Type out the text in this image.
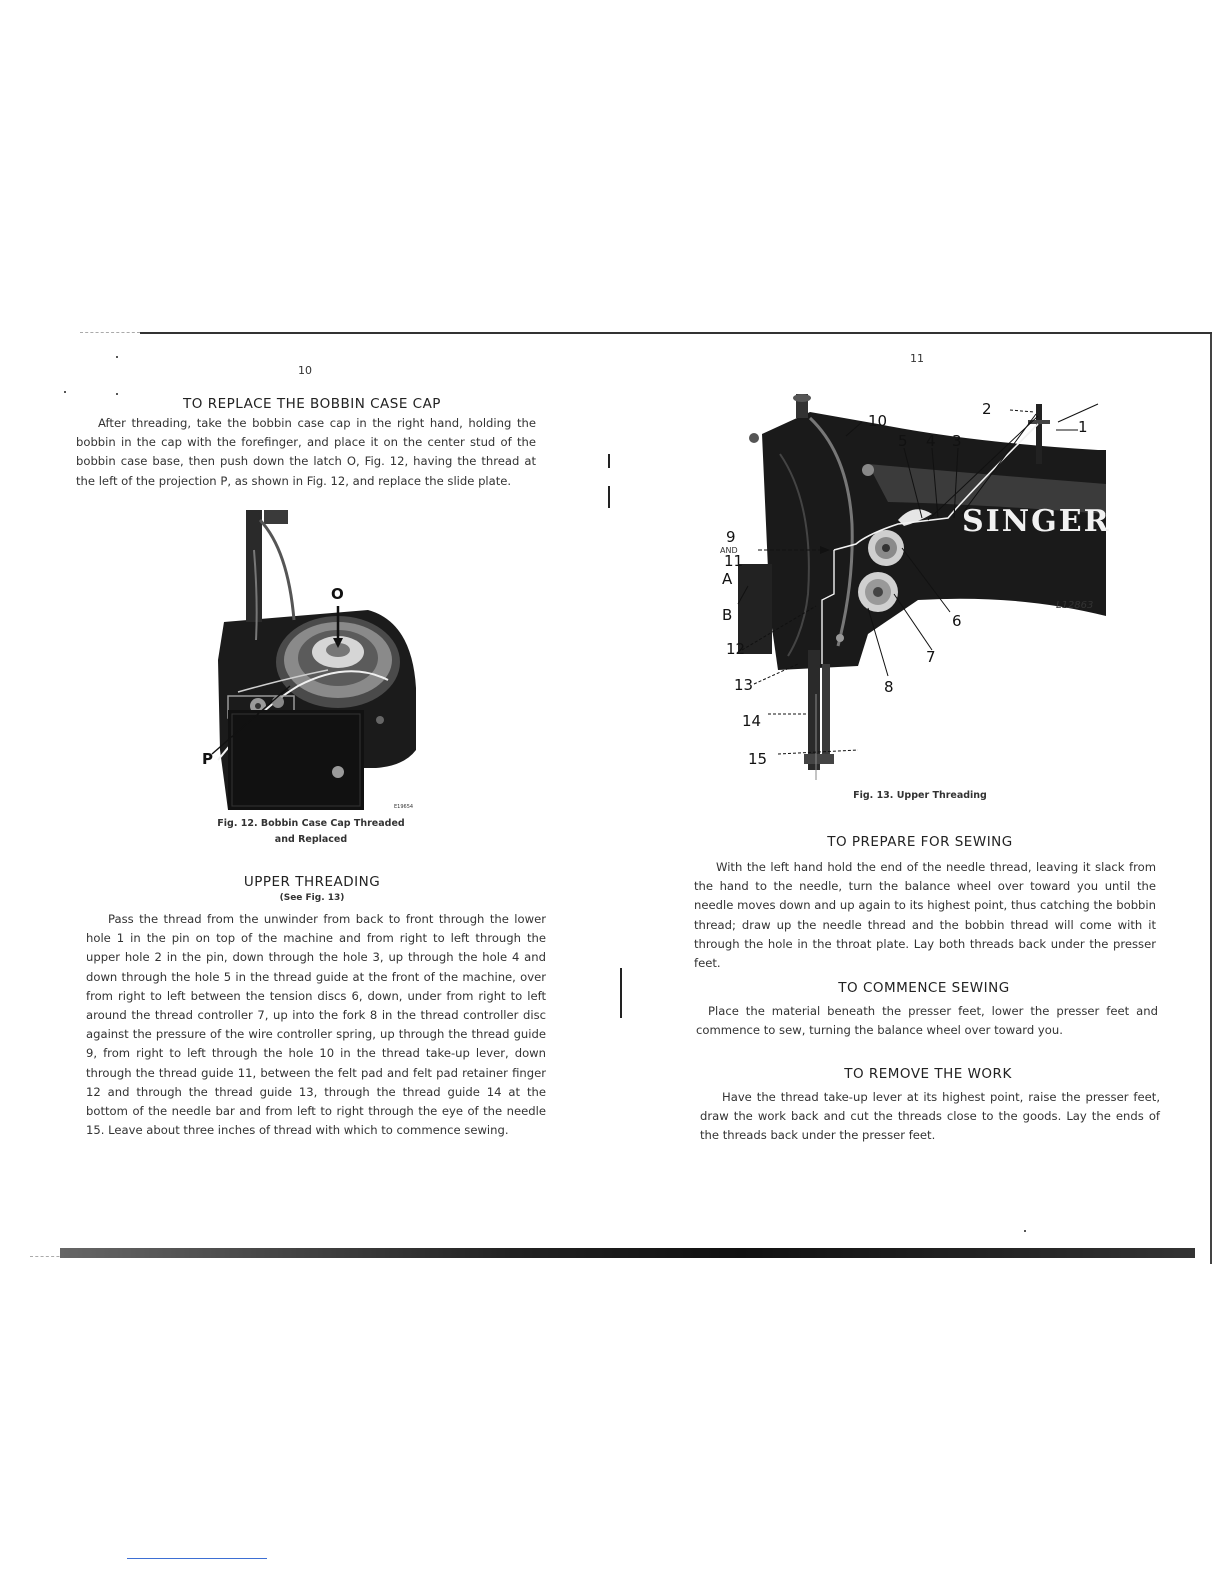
10
TO REPLACE THE BOBBIN CASE CAP

After threading, take the bobbin case cap in the right hand, holding the bobbin in the cap with the forefinger, and place it on the center stud of the bobbin case base, then push down the latch O, Fig. 12, having the thread at the left of the projection P, as shown in Fig. 12, and replace the slide plate.

O
P
E19654
Fig. 12. Bobbin Case Cap Threaded
and Replaced
UPPER THREADING
(See Fig. 13)

Pass the thread from the unwinder from back to front through the lower hole 1 in the pin on top of the machine and from right to left through the upper hole 2 in the pin, down through the hole 3, up through the hole 4 and down through the hole 5 in the thread guide at the front of the machine, over from right to left between the tension discs 6, down, under from right to left around the thread controller 7, up into the fork 8 in the thread controller disc against the pressure of the wire controller spring, up through the thread guide 9, from right to left through the hole 10 in the thread take-up lever, down through the thread guide 11, between the felt pad and felt pad retainer finger 12 and through the thread guide 13, through the thread guide 14 at the bottom of the needle bar and from left to right through the eye of the needle 15. Leave about three inches of thread with which to commence sewing.

11
SINGER
L12863
2
1
10
5 4 3
9
AND
11
A
B	6
7
12
13	8
14
15
Fig. 13. Upper Threading
TO PREPARE FOR SEWING

With the left hand hold the end of the needle thread, leaving it slack from the hand to the needle, turn the balance wheel over toward you until the needle moves down and up again to its highest point, thus catching the bobbin thread; draw up the needle thread and the bobbin thread will come with it through the hole in the throat plate. Lay both threads back under the presser feet.

TO COMMENCE SEWING

Place the material beneath the presser feet, lower the presser feet and commence to sew, turning the balance wheel over toward you.

TO REMOVE THE WORK

Have the thread take-up lever at its highest point, raise the presser feet, draw the work back and cut the threads close to the goods. Lay the ends of the threads back under the presser feet.
